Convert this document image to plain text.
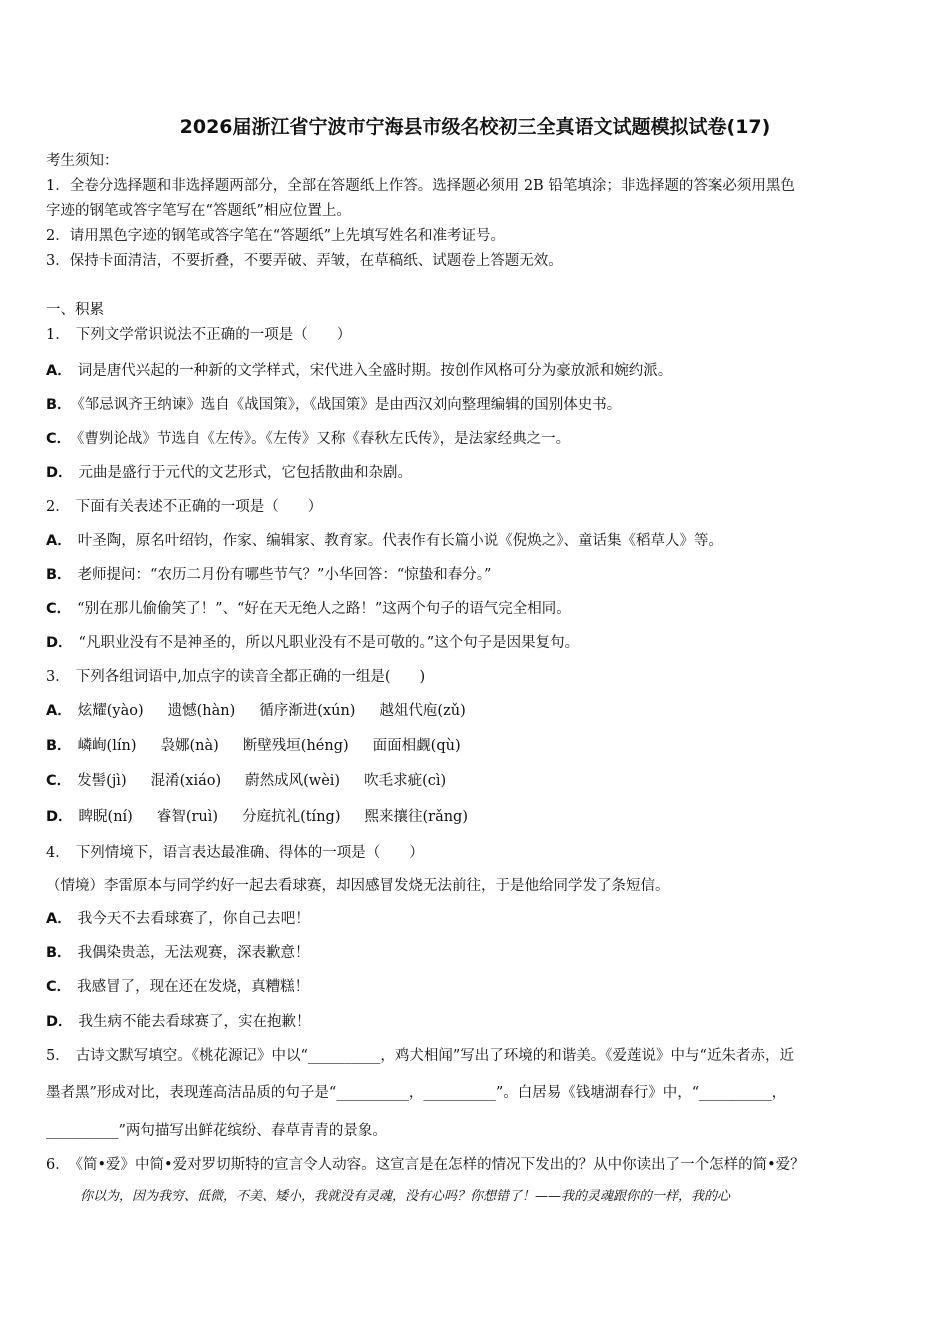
2026届浙江省宁波市宁海县市级名校初三全真语文试题模拟试卷(17)
考生须知：
1．全卷分选择题和非选择题两部分，全部在答题纸上作答。选择题必须用 2B 铅笔填涂；非选择题的答案必须用黑色
字迹的钢笔或答字笔写在“答题纸”相应位置上。
2．请用黑色字迹的钢笔或答字笔在“答题纸”上先填写姓名和准考证号。
3．保持卡面清洁，不要折叠，不要弄破、弄皱，在草稿纸、试题卷上答题无效。
一、积累
1． 下列文学常识说法不正确的一项是（　　）
A． 词是唐代兴起的一种新的文学样式，宋代进入全盛时期。按创作风格可分为豪放派和婉约派。
B． 《邹忌讽齐王纳谏》选自《战国策》，《战国策》是由西汉刘向整理编辑的国别体史书。
C． 《曹刿论战》节选自《左传》。《左传》又称《春秋左氏传》，是法家经典之一。
D． 元曲是盛行于元代的文艺形式，它包括散曲和杂剧。
2． 下面有关表述不正确的一项是（　　）
A． 叶圣陶，原名叶绍钧，作家、编辑家、教育家。代表作有长篇小说《倪焕之》、童话集《稻草人》等。
B． 老师提问：“农历二月份有哪些节气？”小华回答：“惊蛰和春分。”
C． “别在那儿偷偷笑了！”、“好在天无绝人之路！”这两个句子的语气完全相同。
D． “凡职业没有不是神圣的，所以凡职业没有不是可敬的。”这个句子是因果复句。
3． 下列各组词语中,加点字的读音全都正确的一组是(　　)
A． 炫耀(yào) 遗憾(hàn) 循序渐进(xún) 越俎代庖(zǔ)
B． 嶙峋(lín) 袅娜(nà) 断壁残垣(héng) 面面相觑(qù)
C． 发髻(jì) 混淆(xiáo) 蔚然成风(wèi) 吹毛求疵(cì)
D． 睥睨(ní) 睿智(ruì) 分庭抗礼(tíng) 熙来攘往(rǎng)
4． 下列情境下，语言表达最准确、得体的一项是（　　）
（情境）李雷原本与同学约好一起去看球赛，却因感冒发烧无法前往，于是他给同学发了条短信。
A． 我今天不去看球赛了，你自己去吧！
B． 我偶染贵恙，无法观赛，深表歉意！
C． 我感冒了，现在还在发烧，真糟糕！
D． 我生病不能去看球赛了，实在抱歉！
5． 古诗文默写填空。《桃花源记》中以“__________，鸡犬相闻”写出了环境的和谐美。《爱莲说》中与“近朱者赤，近
墨者黑”形成对比，表现莲高洁品质的句子是“__________，__________”。白居易《钱塘湖春行》中，“__________，
__________”两句描写出鲜花缤纷、春草青青的景象。
6． 《简•爱》中简•爱对罗切斯特的宣言令人动容。这宣言是在怎样的情况下发出的？从中你读出了一个怎样的简•爱？
你以为，因为我穷、低微，不美、矮小，我就没有灵魂，没有心吗？你想错了！——我的灵魂跟你的一样，我的心
